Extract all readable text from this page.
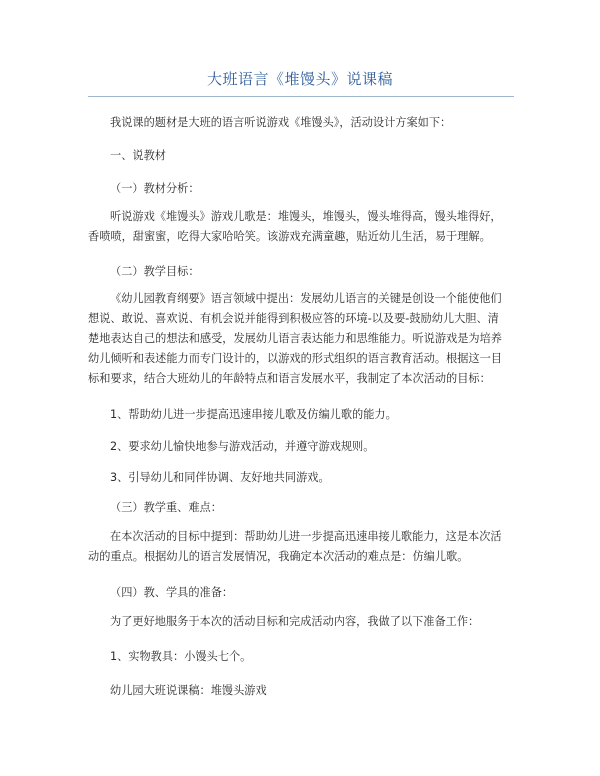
大班语言《堆馒头》说课稿
我说课的题材是大班的语言听说游戏《堆馒头》，活动设计方案如下：
一、说教材
（一）教材分析：
听说游戏《堆馒头》游戏儿歌是：堆馒头，堆馒头，馒头堆得高，馒头堆得好，香喷喷，甜蜜蜜，吃得大家哈哈笑。该游戏充满童趣，贴近幼儿生活，易于理解。
（二）教学目标：
《幼儿园教育纲要》语言领域中提出：发展幼儿语言的关键是创设一个能使他们想说、敢说、喜欢说、有机会说并能得到积极应答的环境-以及要-鼓励幼儿大胆、清楚地表达自己的想法和感受，发展幼儿语言表达能力和思维能力。听说游戏是为培养幼儿倾听和表述能力而专门设计的，以游戏的形式组织的语言教育活动。根据这一目标和要求，结合大班幼儿的年龄特点和语言发展水平，我制定了本次活动的目标：
1、帮助幼儿进一步提高迅速串接儿歌及仿编儿歌的能力。
2、要求幼儿愉快地参与游戏活动，并遵守游戏规则。
3、引导幼儿和同伴协调、友好地共同游戏。
（三）教学重、难点：
在本次活动的目标中提到：帮助幼儿进一步提高迅速串接儿歌能力，这是本次活动的重点。根据幼儿的语言发展情况，我确定本次活动的难点是：仿编儿歌。
（四）教、学具的准备：
为了更好地服务于本次的活动目标和完成活动内容，我做了以下准备工作：
1、实物教具：小馒头七个。
幼儿园大班说课稿：堆馒头游戏
